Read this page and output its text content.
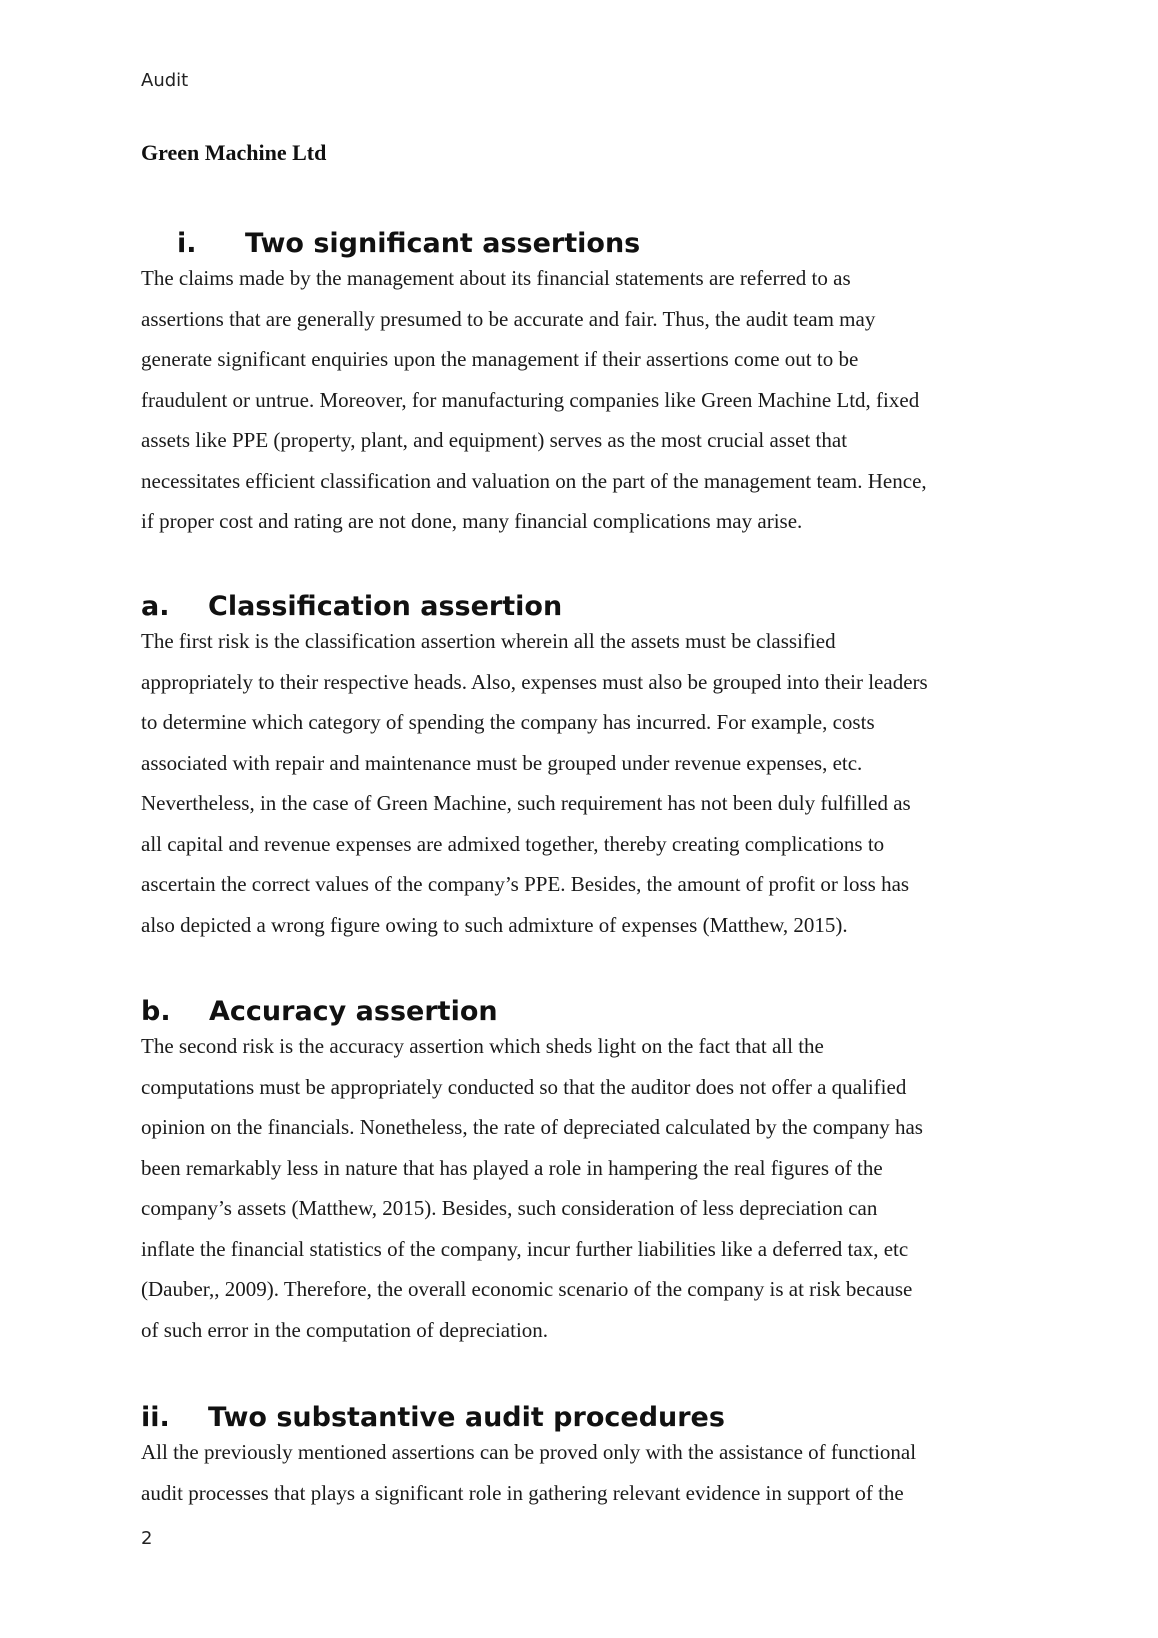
Audit
Green Machine Ltd
i. Two significant assertions

The claims made by the management about its financial statements are referred to as
assertions that are generally presumed to be accurate and fair. Thus, the audit team may
generate significant enquiries upon the management if their assertions come out to be
fraudulent or untrue. Moreover, for manufacturing companies like Green Machine Ltd, fixed
assets like PPE (property, plant, and equipment) serves as the most crucial asset that
necessitates efficient classification and valuation on the part of the management team. Hence,
if proper cost and rating are not done, many financial complications may arise.

a. Classification assertion

The first risk is the classification assertion wherein all the assets must be classified
appropriately to their respective heads. Also, expenses must also be grouped into their leaders
to determine which category of spending the company has incurred. For example, costs
associated with repair and maintenance must be grouped under revenue expenses, etc.
Nevertheless, in the case of Green Machine, such requirement has not been duly fulfilled as
all capital and revenue expenses are admixed together, thereby creating complications to
ascertain the correct values of the company’s PPE. Besides, the amount of profit or loss has
also depicted a wrong figure owing to such admixture of expenses (Matthew, 2015).

b. Accuracy assertion

The second risk is the accuracy assertion which sheds light on the fact that all the
computations must be appropriately conducted so that the auditor does not offer a qualified
opinion on the financials. Nonetheless, the rate of depreciated calculated by the company has
been remarkably less in nature that has played a role in hampering the real figures of the
company’s assets (Matthew, 2015). Besides, such consideration of less depreciation can
inflate the financial statistics of the company, incur further liabilities like a deferred tax, etc
(Dauber,, 2009). Therefore, the overall economic scenario of the company is at risk because
of such error in the computation of depreciation.

ii. Two substantive audit procedures

All the previously mentioned assertions can be proved only with the assistance of functional
audit processes that plays a significant role in gathering relevant evidence in support of the

2
